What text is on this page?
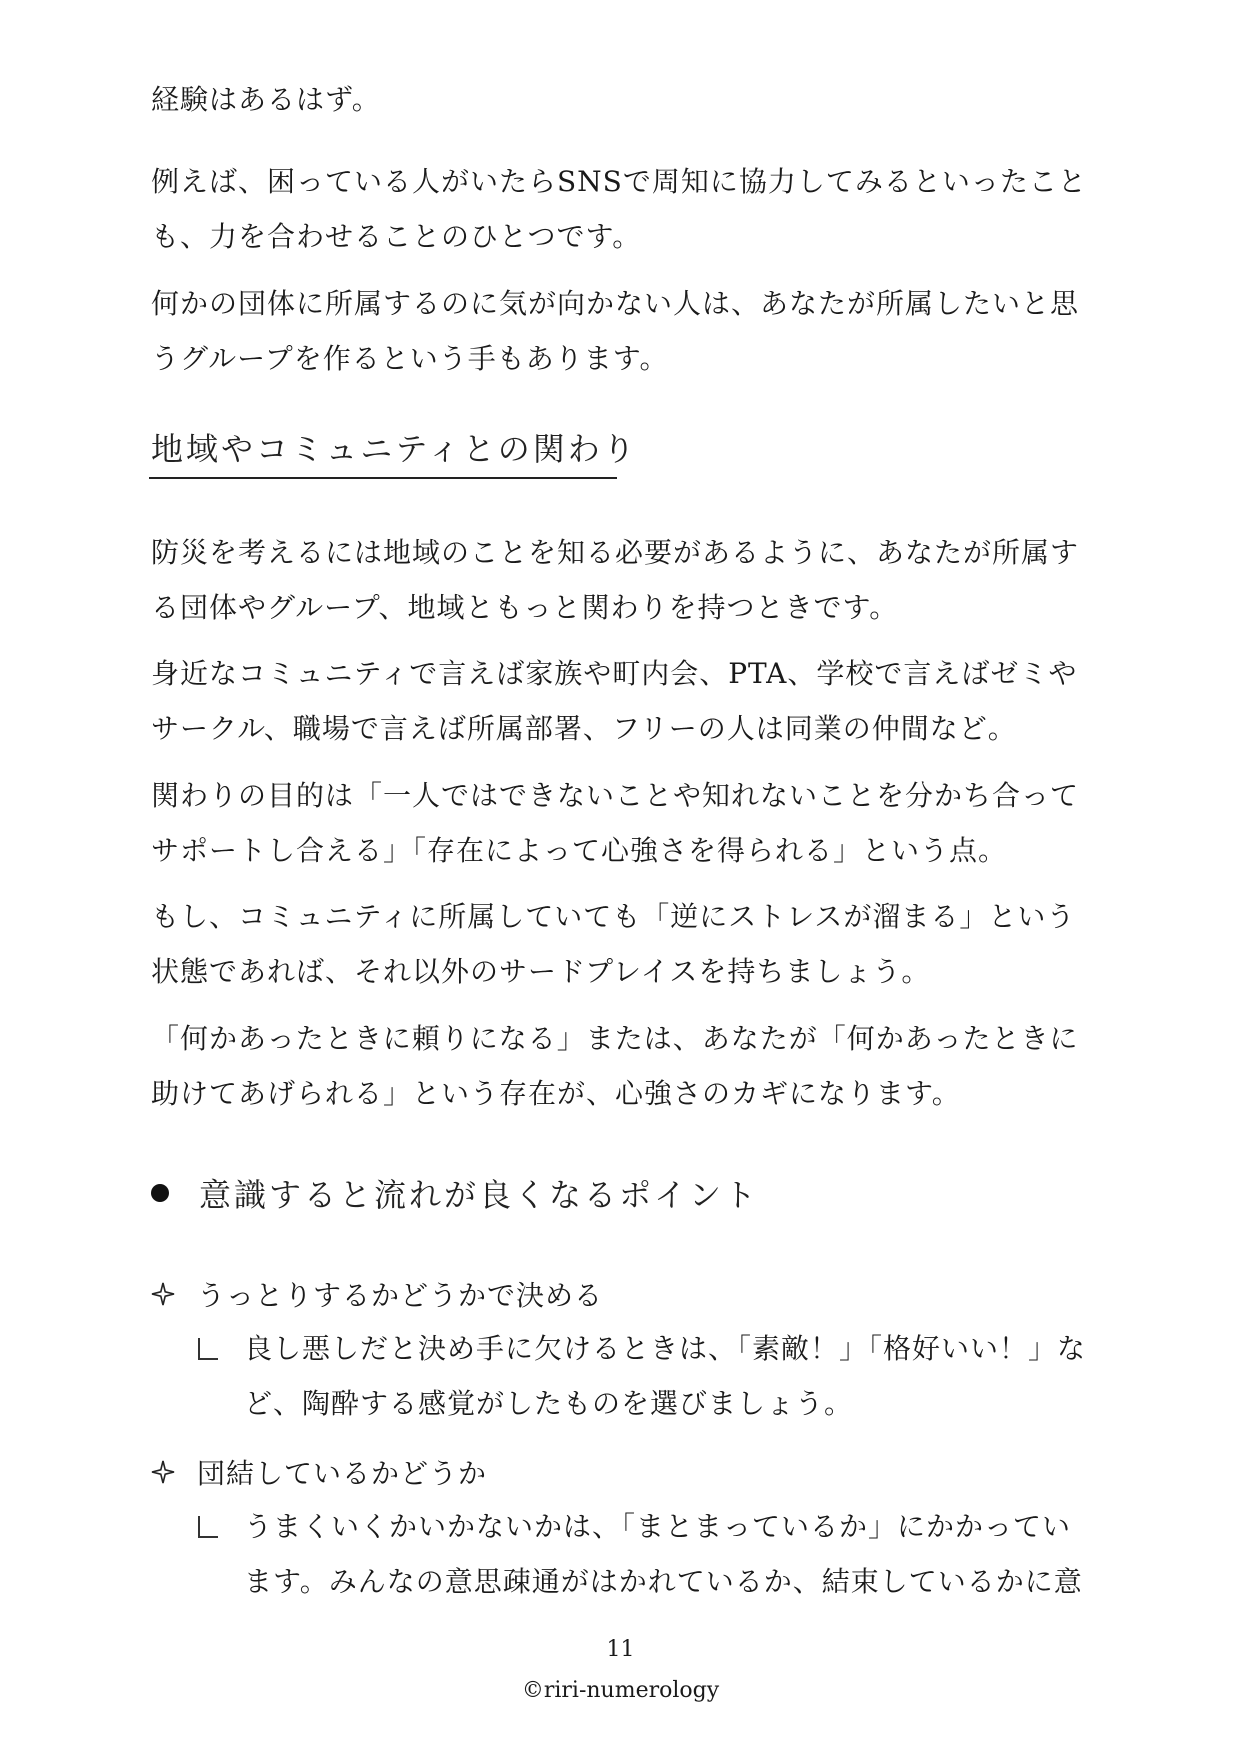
経験はあるはず。
例えば、困っている人がいたらSNSで周知に協力してみるといったこと
も、力を合わせることのひとつです。
何かの団体に所属するのに気が向かない人は、あなたが所属したいと思
うグループを作るという手もあります。
地域やコミュニティとの関わり
防災を考えるには地域のことを知る必要があるように、あなたが所属す
る団体やグループ、地域ともっと関わりを持つときです。
身近なコミュニティで言えば家族や町内会、PTA、学校で言えばゼミや
サークル、職場で言えば所属部署、フリーの人は同業の仲間など。
関わりの目的は「一人ではできないことや知れないことを分かち合って
サポートし合える」「存在によって心強さを得られる」という点。
もし、コミュニティに所属していても「逆にストレスが溜まる」という
状態であれば、それ以外のサードプレイスを持ちましょう。
「何かあったときに頼りになる」または、あなたが「何かあったときに
助けてあげられる」という存在が、心強さのカギになります。
意識すると流れが良くなるポイント
うっとりするかどうかで決める
良し悪しだと決め手に欠けるときは、「素敵！」「格好いい！」な
ど、陶酔する感覚がしたものを選びましょう。
団結しているかどうか
うまくいくかいかないかは、「まとまっているか」にかかってい
ます。みんなの意思疎通がはかれているか、結束しているかに意
11
©riri-numerology
